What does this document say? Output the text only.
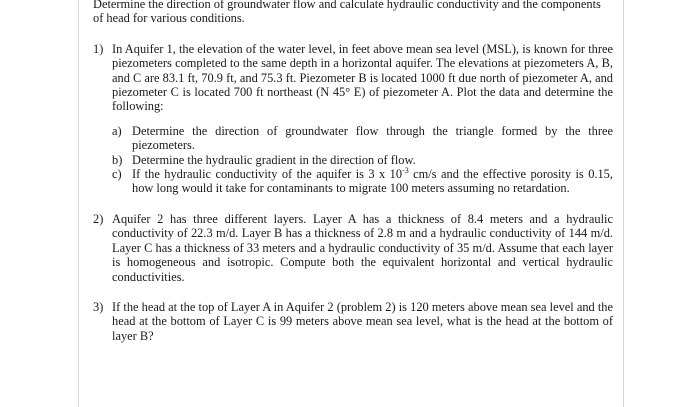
Determine the direction of groundwater flow and calculate hydraulic conductivity and the components of head for various conditions.

1) In Aquifer 1, the elevation of the water level, in feet above mean sea level (MSL), is known for three piezometers completed to the same depth in a horizontal aquifer. The elevations at piezometers A, B, and C are 83.1 ft, 70.9 ft, and 75.3 ft. Piezometer B is located 1000 ft due north of piezometer A, and piezometer C is located 700 ft northeast (N 45° E) of piezometer A. Plot the data and determine the following:
a) Determine the direction of groundwater flow through the triangle formed by the three piezometers.
b) Determine the hydraulic gradient in the direction of flow.
c) If the hydraulic conductivity of the aquifer is 3 x $10^{-3}$ cm/s and the effective porosity is 0.15, how long would it take for contaminants to migrate 100 meters assuming no retardation.
2) Aquifer 2 has three different layers. Layer A has a thickness of 8.4 meters and a hydraulic conductivity of 22.3 m/d. Layer B has a thickness of 2.8 m and a hydraulic conductivity of 144 m/d. Layer C has a thickness of 33 meters and a hydraulic conductivity of 35 m/d. Assume that each layer is homogeneous and isotropic. Compute both the equivalent horizontal and vertical hydraulic conductivities.
3) If the head at the top of Layer A in Aquifer 2 (problem 2) is 120 meters above mean sea level and the head at the bottom of Layer C is 99 meters above mean sea level, what is the head at the bottom of layer B?
